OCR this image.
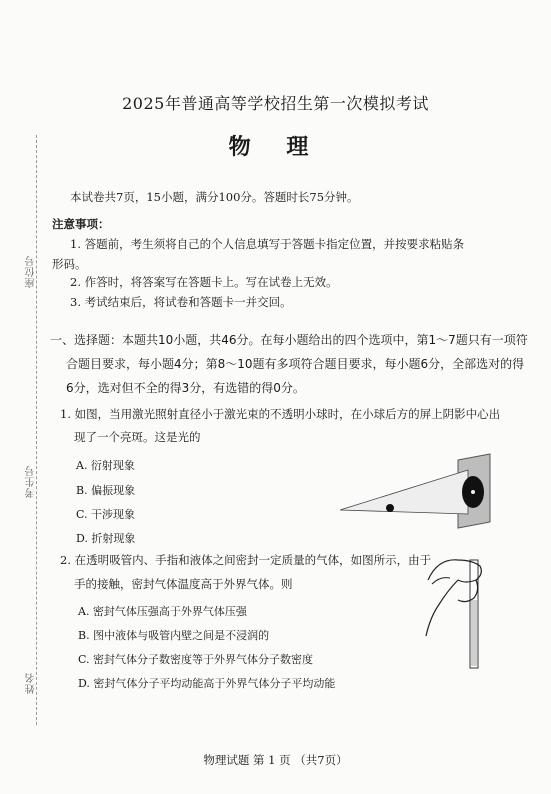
座位号
考生号
姓名
2025年普通高等学校招生第一次模拟考试
物 理
本试卷共7页，15小题，满分100分。答题时长75分钟。
注意事项：
1. 答题前，考生须将自己的个人信息填写于答题卡指定位置，并按要求粘贴条
形码。
2. 作答时，将答案写在答题卡上。写在试卷上无效。
3. 考试结束后，将试卷和答题卡一并交回。
一、选择题：本题共10小题，共46分。在每小题给出的四个选项中，第1～7题只有一项符
合题目要求，每小题4分；第8～10题有多项符合题目要求，每小题6分，全部选对的得
6分，选对但不全的得3分，有选错的得0分。
1. 如图，当用激光照射直径小于激光束的不透明小球时，在小球后方的屏上阴影中心出
现了一个亮斑。这是光的
A. 衍射现象
B. 偏振现象
C. 干涉现象
D. 折射现象
2. 在透明吸管内、手指和液体之间密封一定质量的气体，如图所示，由于
手的接触，密封气体温度高于外界气体。则
A. 密封气体压强高于外界气体压强
B. 图中液体与吸管内壁之间是不浸润的
C. 密封气体分子数密度等于外界气体分子数密度
D. 密封气体分子平均动能高于外界气体分子平均动能
物理试题 第 1 页 （共7页）
